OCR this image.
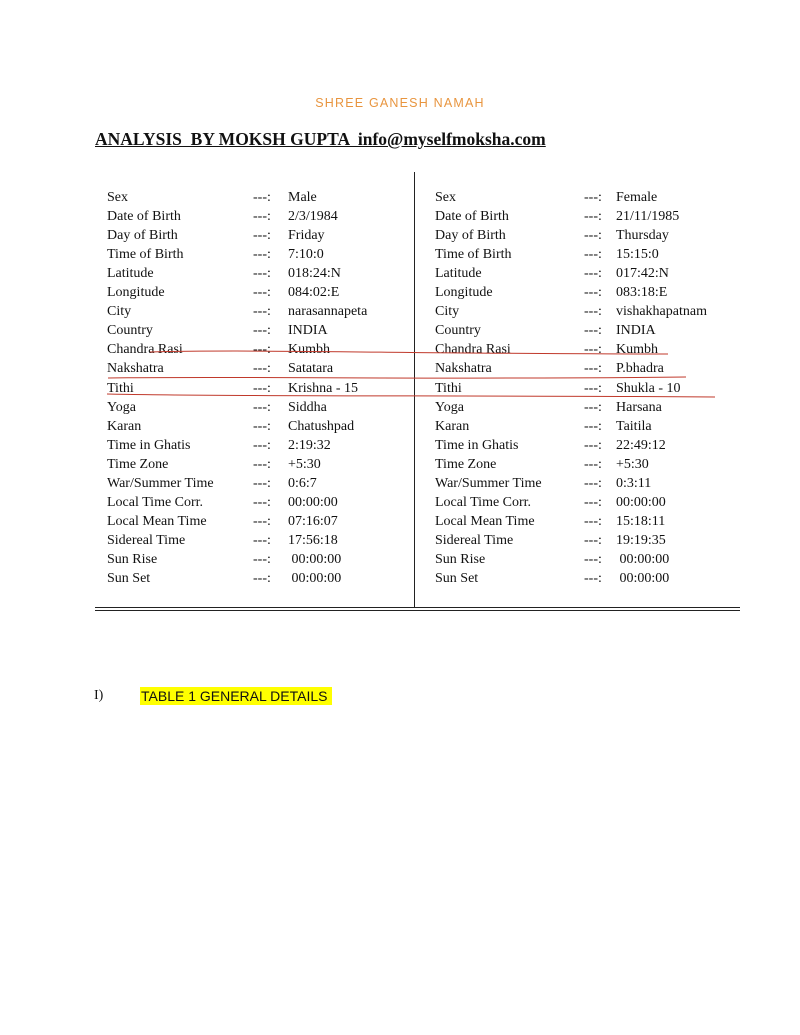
SHREE GANESH NAMAH
ANALYSIS  BY MOKSH GUPTA  info@myselfmoksha.com
Sex	---: Male
Date of Birth	---: 2/3/1984
Day of Birth	---: Friday
Time of Birth	---: 7:10:0
Latitude	---: 018:24:N
Longitude	---: 084:02:E
City	---: narasannapeta
Country	---: INDIA
Chandra Rasi	---: Kumbh
Nakshatra	---: Satatara
Tithi	---: Krishna - 15
Yoga	---: Siddha
Karan	---: Chatushpad
Time in Ghatis	---: 2:19:32
Time Zone	---: +5:30
War/Summer Time	---: 0:6:7
Local Time Corr.	---: 00:00:00
Local Mean Time	---: 07:16:07
Sidereal Time	---: 17:56:18
Sun Rise	---: 00:00:00
Sun Set	---: 00:00:00
Sex	---: Female
Date of Birth	---: 21/11/1985
Day of Birth	---: Thursday
Time of Birth	---: 15:15:0
Latitude	---: 017:42:N
Longitude	---: 083:18:E
City	---: vishakhapatnam
Country	---: INDIA
Chandra Rasi	---: Kumbh
Nakshatra	---: P.bhadra
Tithi	---: Shukla - 10
Yoga	---: Harsana
Karan	---: Taitila
Time in Ghatis	---: 22:49:12
Time Zone	---: +5:30
War/Summer Time	---: 0:3:11
Local Time Corr.	---: 00:00:00
Local Mean Time	---: 15:18:11
Sidereal Time	---: 19:19:35
Sun Rise	---: 00:00:00
Sun Set	---: 00:00:00
I)	TABLE 1 GENERAL DETAILS
